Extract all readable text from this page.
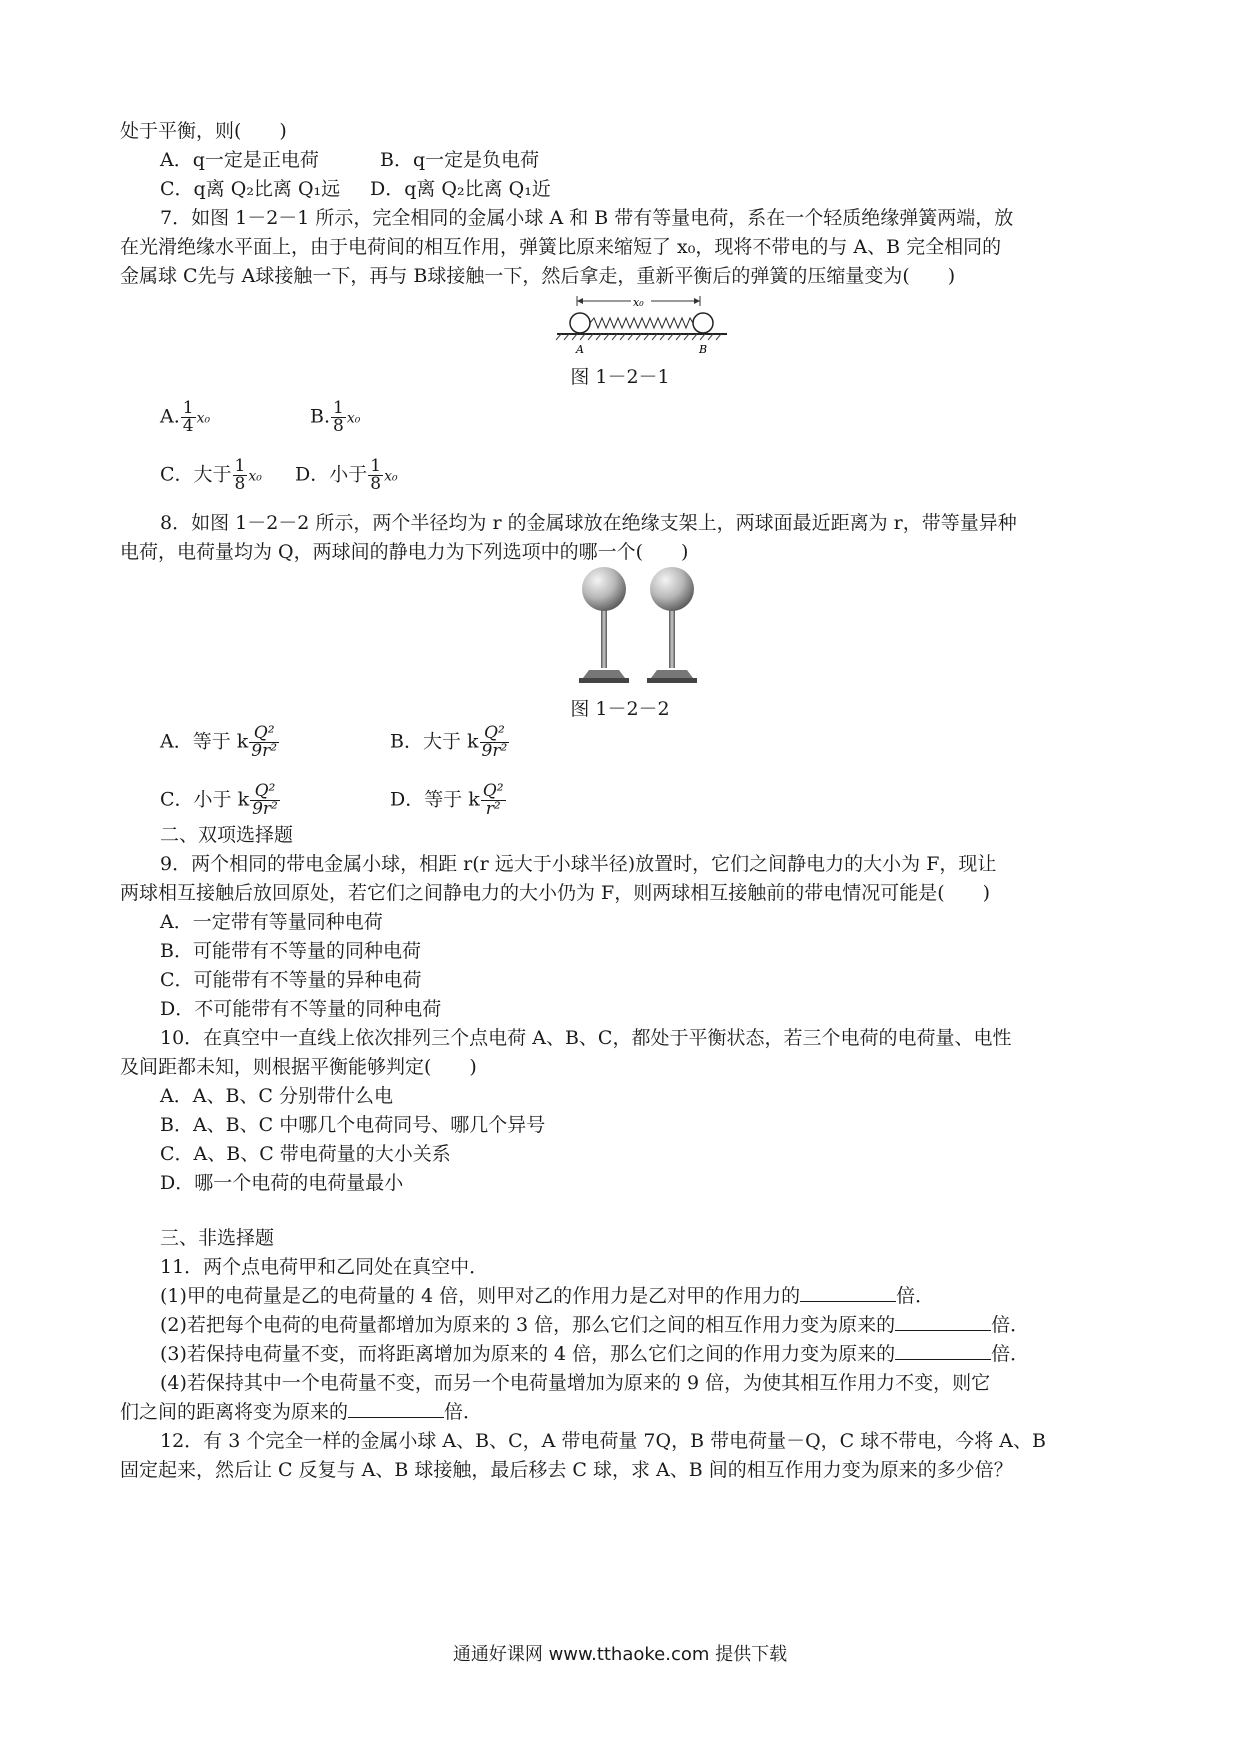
处于平衡，则(　　)
A．q一定是正电荷	B．q一定是负电荷
C．q离 Q₂比离 Q₁远 D．q离 Q₂比离 Q₁近
7．如图 1－2－1 所示，完全相同的金属小球 A 和 B 带有等量电荷，系在一个轻质绝缘弹簧两端，放
在光滑绝缘水平面上，由于电荷间的相互作用，弹簧比原来缩短了 x₀，现将不带电的与 A、B 完全相同的
金属球 C先与 A球接触一下，再与 B球接触一下，然后拿走，重新平衡后的弹簧的压缩量变为(　　)
x₀
A	B
图 1－2－1
A. $\frac{1}{4} x_0$	B. $\frac{1}{8} x_0$
C．大于 $\frac{1}{8} x_0$ D．小于 $\frac{1}{8} x_0$
8．如图 1－2－2 所示，两个半径均为 r 的金属球放在绝缘支架上，两球面最近距离为 r，带等量异种
电荷，电荷量均为 Q，两球间的静电力为下列选项中的哪一个(　　)
图 1－2－2
A．等于 k $\frac{\text{Q²}}{\text{9r²}}$	B．大于 k $\frac{\text{Q²}}{\text{9r²}}$
C．小于 k $\frac{\text{Q²}}{\text{9r²}}$	D．等于 k $\frac{\text{Q²}}{\text{r²}}$
二、双项选择题
9．两个相同的带电金属小球，相距 r(r 远大于小球半径)放置时，它们之间静电力的大小为 F，现让
两球相互接触后放回原处，若它们之间静电力的大小仍为 F，则两球相互接触前的带电情况可能是(　　)
A．一定带有等量同种电荷
B．可能带有不等量的同种电荷
C．可能带有不等量的异种电荷
D．不可能带有不等量的同种电荷
10．在真空中一直线上依次排列三个点电荷 A、B、C，都处于平衡状态，若三个电荷的电荷量、电性
及间距都未知，则根据平衡能够判定(　　)
A．A、B、C 分别带什么电
B．A、B、C 中哪几个电荷同号、哪几个异号
C．A、B、C 带电荷量的大小关系
D．哪一个电荷的电荷量最小
三、非选择题
11．两个点电荷甲和乙同处在真空中．
(1)甲的电荷量是乙的电荷量的 4 倍，则甲对乙的作用力是乙对甲的作用力的	倍．
(2)若把每个电荷的电荷量都增加为原来的 3 倍，那么它们之间的相互作用力变为原来的	倍．
(3)若保持电荷量不变，而将距离增加为原来的 4 倍，那么它们之间的作用力变为原来的	倍．
(4)若保持其中一个电荷量不变，而另一个电荷量增加为原来的 9 倍，为使其相互作用力不变，则它
们之间的距离将变为原来的	倍．
12．有 3 个完全一样的金属小球 A、B、C，A 带电荷量 7Q，B 带电荷量－Q，C 球不带电，今将 A、B
固定起来，然后让 C 反复与 A、B 球接触，最后移去 C 球，求 A、B 间的相互作用力变为原来的多少倍？
通通好课网 www.tthaoke.com 提供下载
